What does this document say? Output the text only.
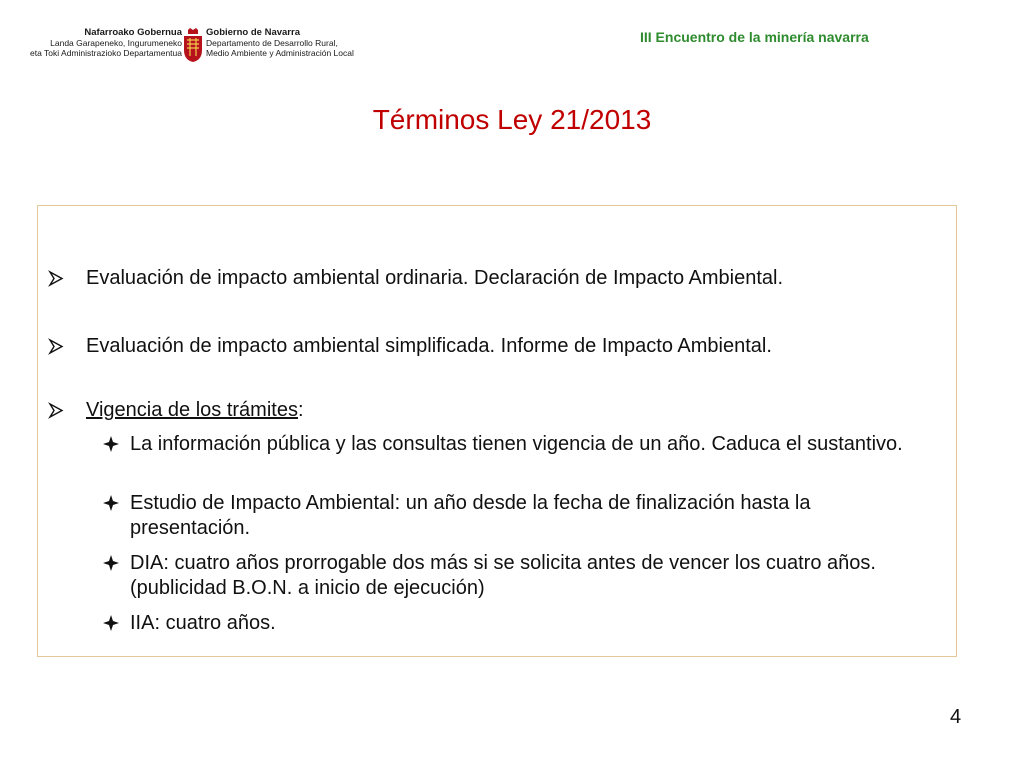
Nafarroako Gobernua
Landa Garapeneko, Ingurumeneko
eta Toki Administrazioko Departamentua
Gobierno de Navarra
Departamento de Desarrollo Rural,
Medio Ambiente y Administración Local
III Encuentro de la minería navarra
Términos Ley 21/2013
Evaluación de impacto ambiental ordinaria. Declaración de Impacto Ambiental.
Evaluación de impacto ambiental simplificada. Informe de Impacto Ambiental.
Vigencia de los trámites:
La información pública y las consultas tienen vigencia de un año. Caduca el sustantivo.
Estudio de Impacto Ambiental: un año desde la fecha de finalización hasta la presentación.
DIA: cuatro años prorrogable dos más si se solicita antes de vencer los cuatro años.(publicidad B.O.N. a inicio de ejecución)
IIA: cuatro años.
4
